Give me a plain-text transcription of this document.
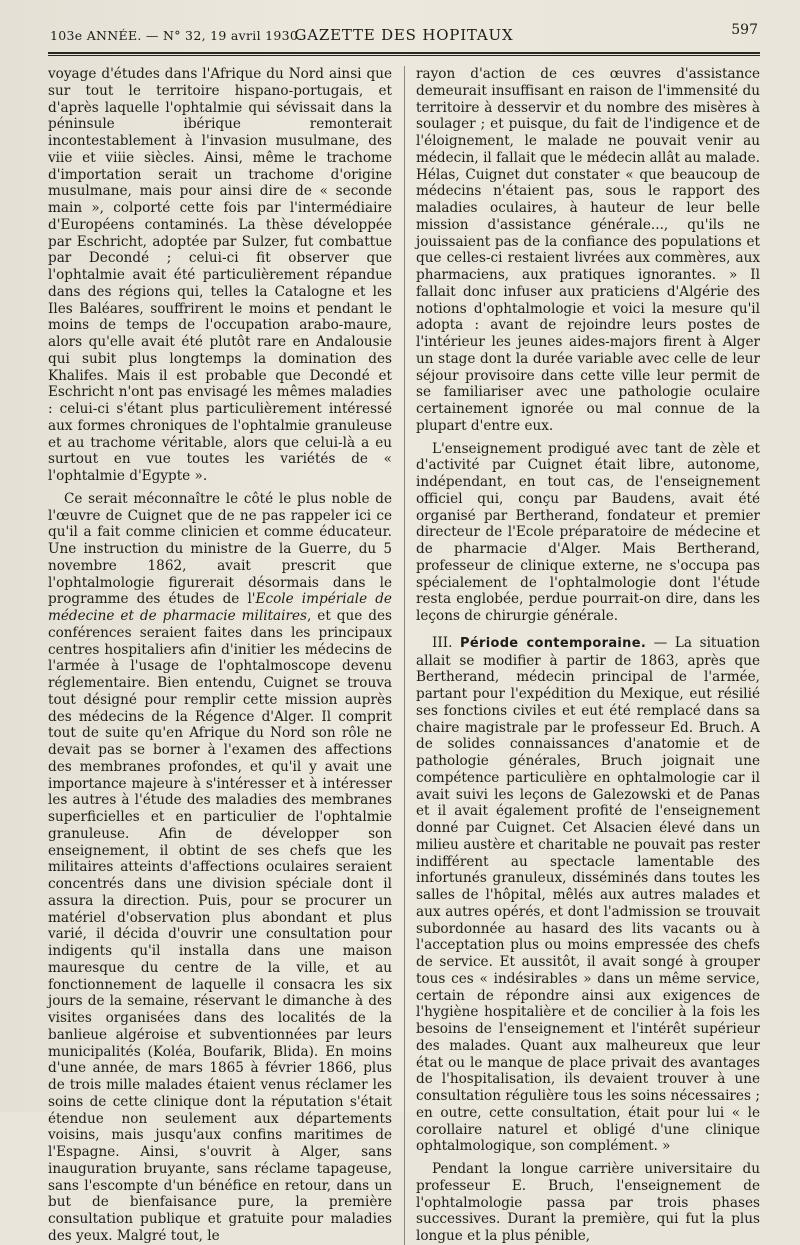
103e ANNÉE. — N° 32, 19 avril 1930.
GAZETTE DES HOPITAUX	597

voyage d'études dans l'Afrique du Nord ainsi que sur tout le territoire hispano-portugais, et d'après laquelle l'ophtalmie qui sévissait dans la péninsule ibérique remonterait incontestablement à l'invasion musulmane, des viie et viiie siècles. Ainsi, même le trachome d'importation serait un trachome d'origine musulmane, mais pour ainsi dire de « seconde main », colporté cette fois par l'intermédiaire d'Européens contaminés. La thèse développée par Eschricht, adoptée par Sulzer, fut combattue par Decondé ; celui-ci fit observer que l'ophtalmie avait été particulièrement répandue dans des régions qui, telles la Catalogne et les Iles Baléares, souffrirent le moins et pendant le moins de temps de l'occupation arabo-maure, alors qu'elle avait été plutôt rare en Andalousie qui subit plus longtemps la domination des Khalifes. Mais il est probable que Decondé et Eschricht n'ont pas envisagé les mêmes maladies : celui-ci s'étant plus particulièrement intéressé aux formes chroniques de l'ophtalmie granuleuse et au trachome véritable, alors que celui-là a eu surtout en vue toutes les variétés de « l'ophtalmie d'Egypte ».

Ce serait méconnaître le côté le plus noble de l'œuvre de Cuignet que de ne pas rappeler ici ce qu'il a fait comme clinicien et comme éducateur. Une instruction du ministre de la Guerre, du 5 novembre 1862, avait prescrit que l'ophtalmologie figurerait désormais dans le programme des études de l'Ecole impériale de médecine et de pharmacie militaires, et que des conférences seraient faites dans les principaux centres hospitaliers afin d'initier les médecins de l'armée à l'usage de l'ophtalmoscope devenu réglementaire. Bien entendu, Cuignet se trouva tout désigné pour remplir cette mission auprès des médecins de la Régence d'Alger. Il comprit tout de suite qu'en Afrique du Nord son rôle ne devait pas se borner à l'examen des affections des membranes profondes, et qu'il y avait une importance majeure à s'intéresser et à intéresser les autres à l'étude des maladies des membranes superficielles et en particulier de l'ophtalmie granuleuse. Afin de développer son enseignement, il obtint de ses chefs que les militaires atteints d'affections oculaires seraient concentrés dans une division spéciale dont il assura la direction. Puis, pour se procurer un matériel d'observation plus abondant et plus varié, il décida d'ouvrir une consultation pour indigents qu'il installa dans une maison mauresque du centre de la ville, et au fonctionnement de laquelle il consacra les six jours de la semaine, réservant le dimanche à des visites organisées dans des localités de la banlieue algéroise et subventionnées par leurs municipalités (Koléa, Boufarik, Blida). En moins d'une année, de mars 1865 à février 1866, plus de trois mille malades étaient venus réclamer les soins de cette clinique dont la réputation s'était étendue non seulement aux départements voisins, mais jusqu'aux confins maritimes de l'Espagne. Ainsi, s'ouvrit à Alger, sans inauguration bruyante, sans réclame tapageuse, sans l'escompte d'un bénéfice en retour, dans un but de bienfaisance pure, la première consultation publique et gratuite pour maladies des yeux. Malgré tout, le

rayon d'action de ces œuvres d'assistance demeurait insuffisant en raison de l'immensité du territoire à desservir et du nombre des misères à soulager ; et puisque, du fait de l'indigence et de l'éloignement, le malade ne pouvait venir au médecin, il fallait que le médecin allât au malade. Hélas, Cuignet dut constater « que beaucoup de médecins n'étaient pas, sous le rapport des maladies oculaires, à hauteur de leur belle mission d'assistance générale..., qu'ils ne jouissaient pas de la confiance des populations et que celles-ci restaient livrées aux commères, aux pharmaciens, aux pratiques ignorantes. » Il fallait donc infuser aux praticiens d'Algérie des notions d'ophtalmologie et voici la mesure qu'il adopta : avant de rejoindre leurs postes de l'intérieur les jeunes aides-majors firent à Alger un stage dont la durée variable avec celle de leur séjour provisoire dans cette ville leur permit de se familiariser avec une pathologie oculaire certainement ignorée ou mal connue de la plupart d'entre eux.

L'enseignement prodigué avec tant de zèle et d'activité par Cuignet était libre, autonome, indépendant, en tout cas, de l'enseignement officiel qui, conçu par Baudens, avait été organisé par Bertherand, fondateur et premier directeur de l'Ecole préparatoire de médecine et de pharmacie d'Alger. Mais Bertherand, professeur de clinique externe, ne s'occupa pas spécialement de l'ophtalmologie dont l'étude resta englobée, perdue pourrait-on dire, dans les leçons de chirurgie générale.

III. Période contemporaine. — La situation allait se modifier à partir de 1863, après que Bertherand, médecin principal de l'armée, partant pour l'expédition du Mexique, eut résilié ses fonctions civiles et eut été remplacé dans sa chaire magistrale par le professeur Ed. Bruch. A de solides connaissances d'anatomie et de pathologie générales, Bruch joignait une compétence particulière en ophtalmologie car il avait suivi les leçons de Galezowski et de Panas et il avait également profité de l'enseignement donné par Cuignet. Cet Alsacien élevé dans un milieu austère et charitable ne pouvait pas rester indifférent au spectacle lamentable des infortunés granuleux, disséminés dans toutes les salles de l'hôpital, mêlés aux autres malades et aux autres opérés, et dont l'admission se trouvait subordonnée au hasard des lits vacants ou à l'acceptation plus ou moins empressée des chefs de service. Et aussitôt, il avait songé à grouper tous ces « indésirables » dans un même service, certain de répondre ainsi aux exigences de l'hygiène hospitalière et de concilier à la fois les besoins de l'enseignement et l'intérêt supérieur des malades. Quant aux malheureux que leur état ou le manque de place privait des avantages de l'hospitalisation, ils devaient trouver à une consultation régulière tous les soins nécessaires ; en outre, cette consultation, était pour lui « le corollaire naturel et obligé d'une clinique ophtalmologique, son complément. »

Pendant la longue carrière universitaire du professeur E. Bruch, l'enseignement de l'ophtalmologie passa par trois phases successives. Durant la première, qui fut la plus longue et la plus pénible,
